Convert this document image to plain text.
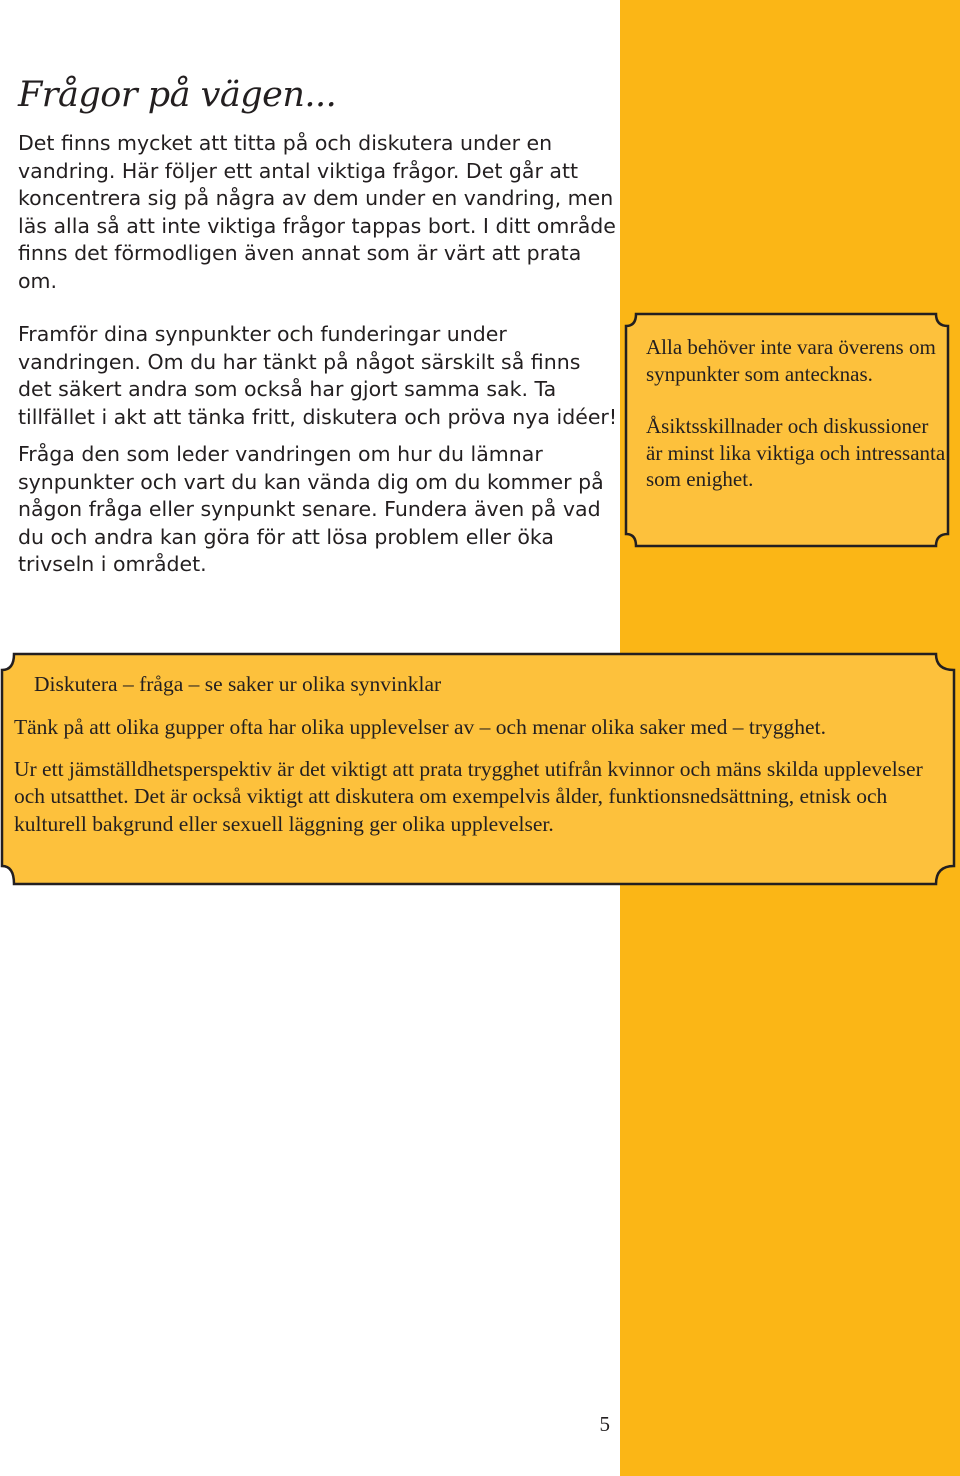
Frågor på vägen...

Det finns mycket att titta på och diskutera under en vandring. Här följer ett antal viktiga frågor. Det går att koncentrera sig på några av dem under en vandring, men läs alla så att inte viktiga frågor tappas bort. I ditt område finns det förmodligen även annat som är värt att prata om.

Framför dina synpunkter och funderingar under vandringen. Om du har tänkt på något särskilt så finns det säkert andra som också har gjort samma sak. Ta tillfället i akt att tänka fritt, diskutera och pröva nya idéer!

Fråga den som leder vandringen om hur du lämnar synpunkter och vart du kan vända dig om du kommer på någon fråga eller synpunkt senare. Fundera även på vad du och andra kan göra för att lösa problem eller öka trivseln i området.

Alla behöver inte vara överens om synpunkter som antecknas.

Åsiktsskillnader och diskussioner är minst lika viktiga och intressanta som enighet.

Diskutera – fråga – se saker ur olika synvinklar

Tänk på att olika gupper ofta har olika upplevelser av – och menar olika saker med – trygghet.

Ur ett jämställdhetsperspektiv är det viktigt att prata trygghet utifrån kvinnor och mäns skilda upplevelser och utsatthet. Det är också viktigt att diskutera om exempelvis ålder, funktionsnedsättning, etnisk och kulturell bakgrund eller sexuell läggning ger olika upplevelser.

5
